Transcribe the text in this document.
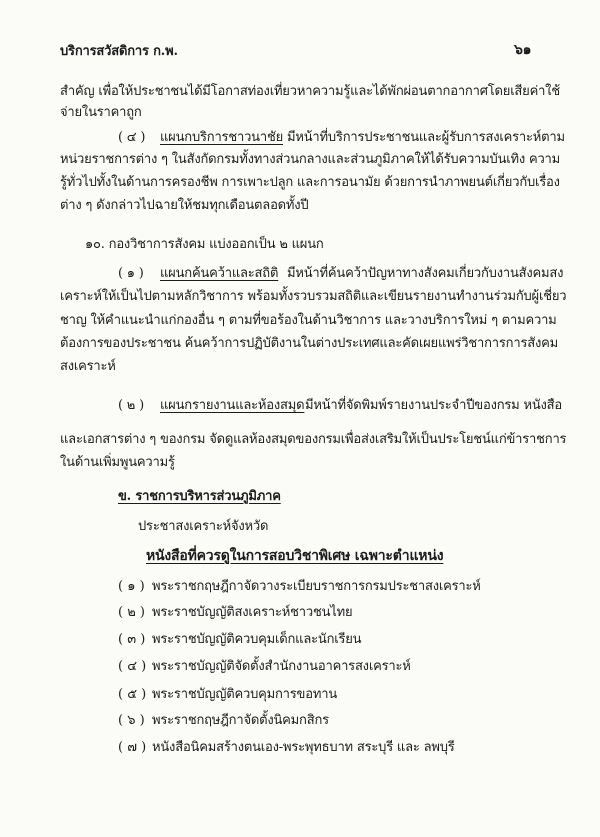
บริการสวัสดิการ ก.พ.	๖๑
สำคัญ เพื่อให้ประชาชนได้มีโอกาสท่องเที่ยวหาความรู้และได้พักผ่อนตากอากาศโดยเสียค่าใช้
จ่ายในราคาถูก
( ๔ ) แผนกบริการชาวนาชัย มีหน้าที่บริการประชาชนและผู้รับการสงเคราะห์ตาม
หน่วยราชการต่าง ๆ ในสังกัดกรมทั้งทางส่วนกลางและส่วนภูมิภาคให้ได้รับความบันเทิง ความ
รู้ทั่วไปทั้งในด้านการครองชีพ การเพาะปลูก และการอนามัย ด้วยการนำภาพยนต์เกี่ยวกับเรื่อง
ต่าง ๆ ดังกล่าวไปฉายให้ชมทุกเดือนตลอดทั้งปี
๑๐. กองวิชาการสังคม แบ่งออกเป็น ๒ แผนก
( ๑ ) แผนกค้นคว้าและสถิติ มีหน้าที่ค้นคว้าปัญหาทางสังคมเกี่ยวกับงานสังคมสง
เคราะห์ให้เป็นไปตามหลักวิชาการ พร้อมทั้งรวบรวมสถิติและเขียนรายงานทำงานร่วมกับผู้เชี่ยว
ชาญ ให้คำแนะนำแก่กองอื่น ๆ ตามที่ขอร้องในด้านวิชาการ และวางบริการใหม่ ๆ ตามความ
ต้องการของประชาชน ค้นคว้าการปฏิบัติงานในต่างประเทศและคัดเผยแพร่วิชาการการสังคม
สงเคราะห์
( ๒ ) แผนกรายงานและห้องสมุด มีหน้าที่จัดพิมพ์รายงานประจำปีของกรม หนังสือ
และเอกสารต่าง ๆ ของกรม จัดดูแลห้องสมุดของกรมเพื่อส่งเสริมให้เป็นประโยชน์แก่ข้าราชการ
ในด้านเพิ่มพูนความรู้
ข. ราชการบริหารส่วนภูมิภาค
ประชาสงเคราะห์จังหวัด
หนังสือที่ควรดูในการสอบวิชาพิเศษ เฉพาะตำแหน่ง
( ๑ ) พระราชกฤษฎีกาจัดวางระเบียบราชการกรมประชาสงเคราะห์
( ๒ ) พระราชบัญญัติสงเคราะห์ชาวชนไทย
( ๓ ) พระราชบัญญัติควบคุมเด็กและนักเรียน
( ๔ ) พระราชบัญญัติจัดตั้งสำนักงานอาคารสงเคราะห์
( ๕ ) พระราชบัญญัติควบคุมการขอทาน
( ๖ ) พระราชกฤษฎีกาจัดตั้งนิคมกสิกร
( ๗ ) หนังสือนิคมสร้างตนเอง-พระพุทธบาท สระบุรี และ ลพบุรี
